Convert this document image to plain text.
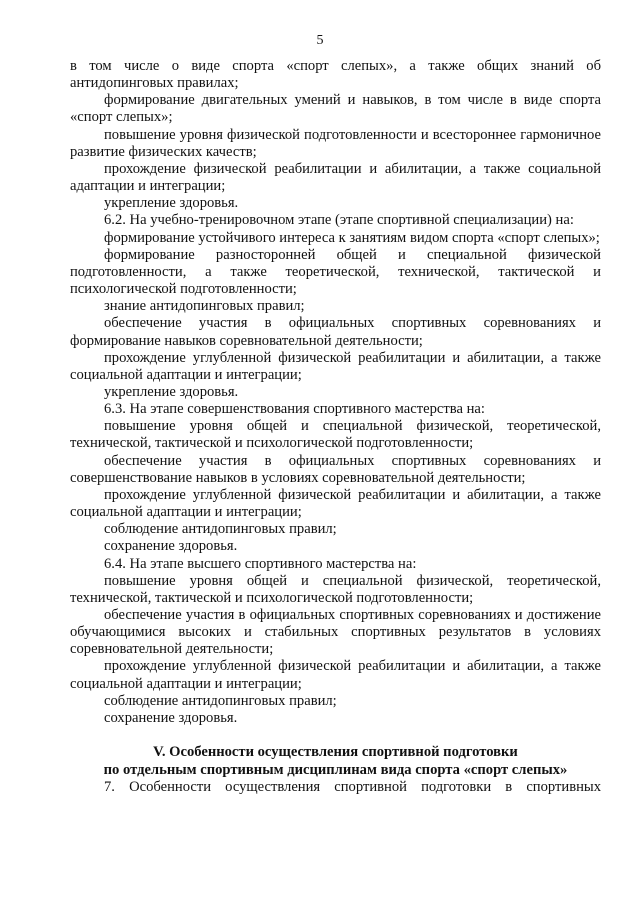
5

в том числе о виде спорта «спорт слепых», а также общих знаний об антидопинговых правилах;

формирование двигательных умений и навыков, в том числе в виде спорта «спорт слепых»;

повышение уровня физической подготовленности и всестороннее гармоничное развитие физических качеств;

прохождение физической реабилитации и абилитации, а также социальной адаптации и интеграции;

укрепление здоровья.

6.2. На учебно-тренировочном этапе (этапе спортивной специализации) на:

формирование устойчивого интереса к занятиям видом спорта «спорт слепых»;

формирование разносторонней общей и специальной физической подготовленности, а также теоретической, технической, тактической и психологической подготовленности;

знание антидопинговых правил;

обеспечение участия в официальных спортивных соревнованиях и формирование навыков соревновательной деятельности;

прохождение углубленной физической реабилитации и абилитации, а также социальной адаптации и интеграции;

укрепление здоровья.

6.3. На этапе совершенствования спортивного мастерства на:

повышение уровня общей и специальной физической, теоретической, технической, тактической и психологической подготовленности;

обеспечение участия в официальных спортивных соревнованиях и совершенствование навыков в условиях соревновательной деятельности;

прохождение углубленной физической реабилитации и абилитации, а также социальной адаптации и интеграции;

соблюдение антидопинговых правил;

сохранение здоровья.

6.4. На этапе высшего спортивного мастерства на:

повышение уровня общей и специальной физической, теоретической, технической, тактической и психологической подготовленности;

обеспечение участия в официальных спортивных соревнованиях и достижение обучающимися высоких и стабильных спортивных результатов в условиях соревновательной деятельности;

прохождение углубленной физической реабилитации и абилитации, а также социальной адаптации и интеграции;

соблюдение антидопинговых правил;

сохранение здоровья.

V. Особенности осуществления спортивной подготовки
по отдельным спортивным дисциплинам вида спорта «спорт слепых»

7. Особенности осуществления спортивной подготовки в спортивных
